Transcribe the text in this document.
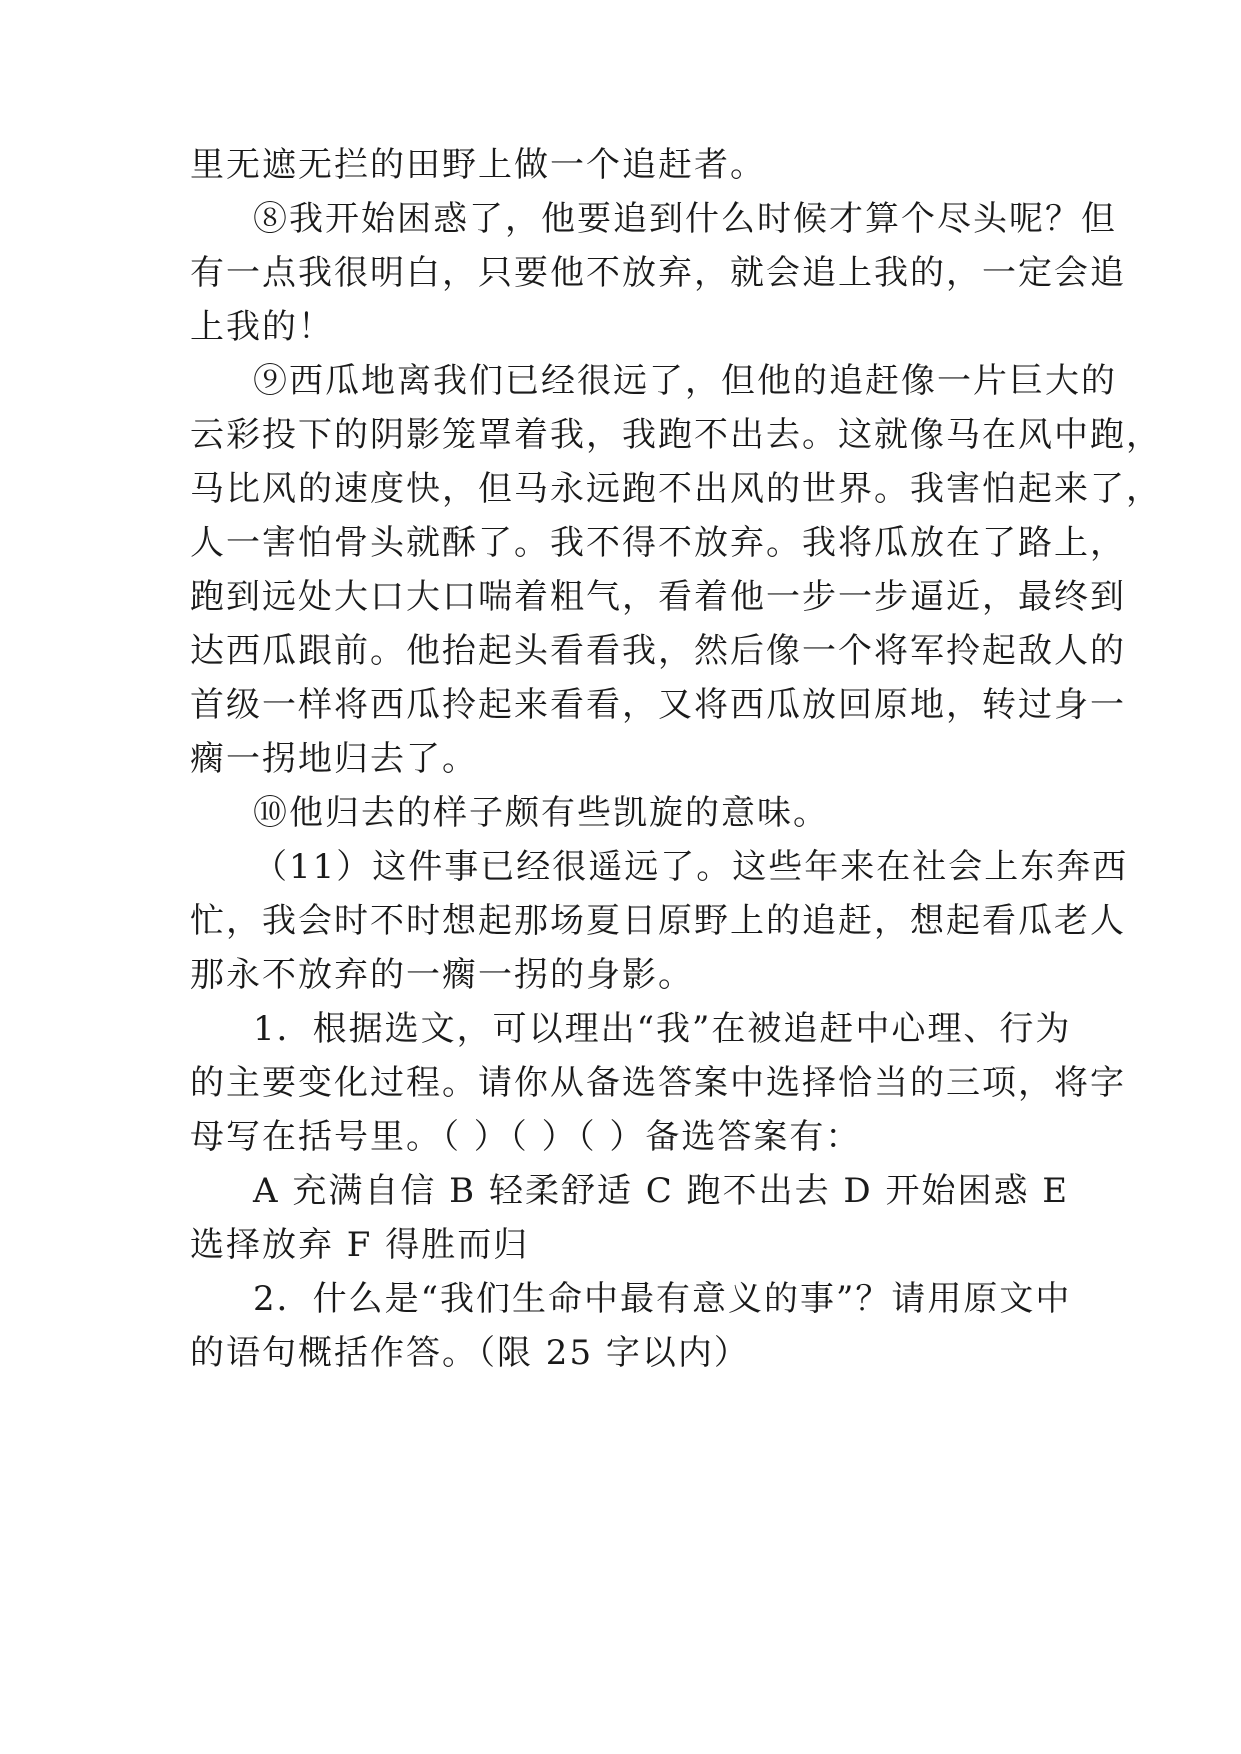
里无遮无拦的田野上做一个追赶者。
⑧我开始困惑了，他要追到什么时候才算个尽头呢？但
有一点我很明白，只要他不放弃，就会追上我的，一定会追
上我的！
⑨西瓜地离我们已经很远了，但他的追赶像一片巨大的
云彩投下的阴影笼罩着我，我跑不出去。这就像马在风中跑，
马比风的速度快，但马永远跑不出风的世界。我害怕起来了，
人一害怕骨头就酥了。我不得不放弃。我将瓜放在了路上，
跑到远处大口大口喘着粗气，看着他一步一步逼近，最终到
达西瓜跟前。他抬起头看看我，然后像一个将军拎起敌人的
首级一样将西瓜拎起来看看，又将西瓜放回原地，转过身一
瘸一拐地归去了。
⑩他归去的样子颇有些凯旋的意味。
（11）这件事已经很遥远了。这些年来在社会上东奔西
忙，我会时不时想起那场夏日原野上的追赶，想起看瓜老人
那永不放弃的一瘸一拐的身影。
1．根据选文，可以理出“我”在被追赶中心理、行为
的主要变化过程。请你从备选答案中选择恰当的三项，将字
母写在括号里。（ ）（ ）（ ）备选答案有：
A 充满自信 B 轻柔舒适 C 跑不出去 D 开始困惑 E
选择放弃 F 得胜而归
2．什么是“我们生命中最有意义的事”？请用原文中
的语句概括作答。（限 25 字以内）
